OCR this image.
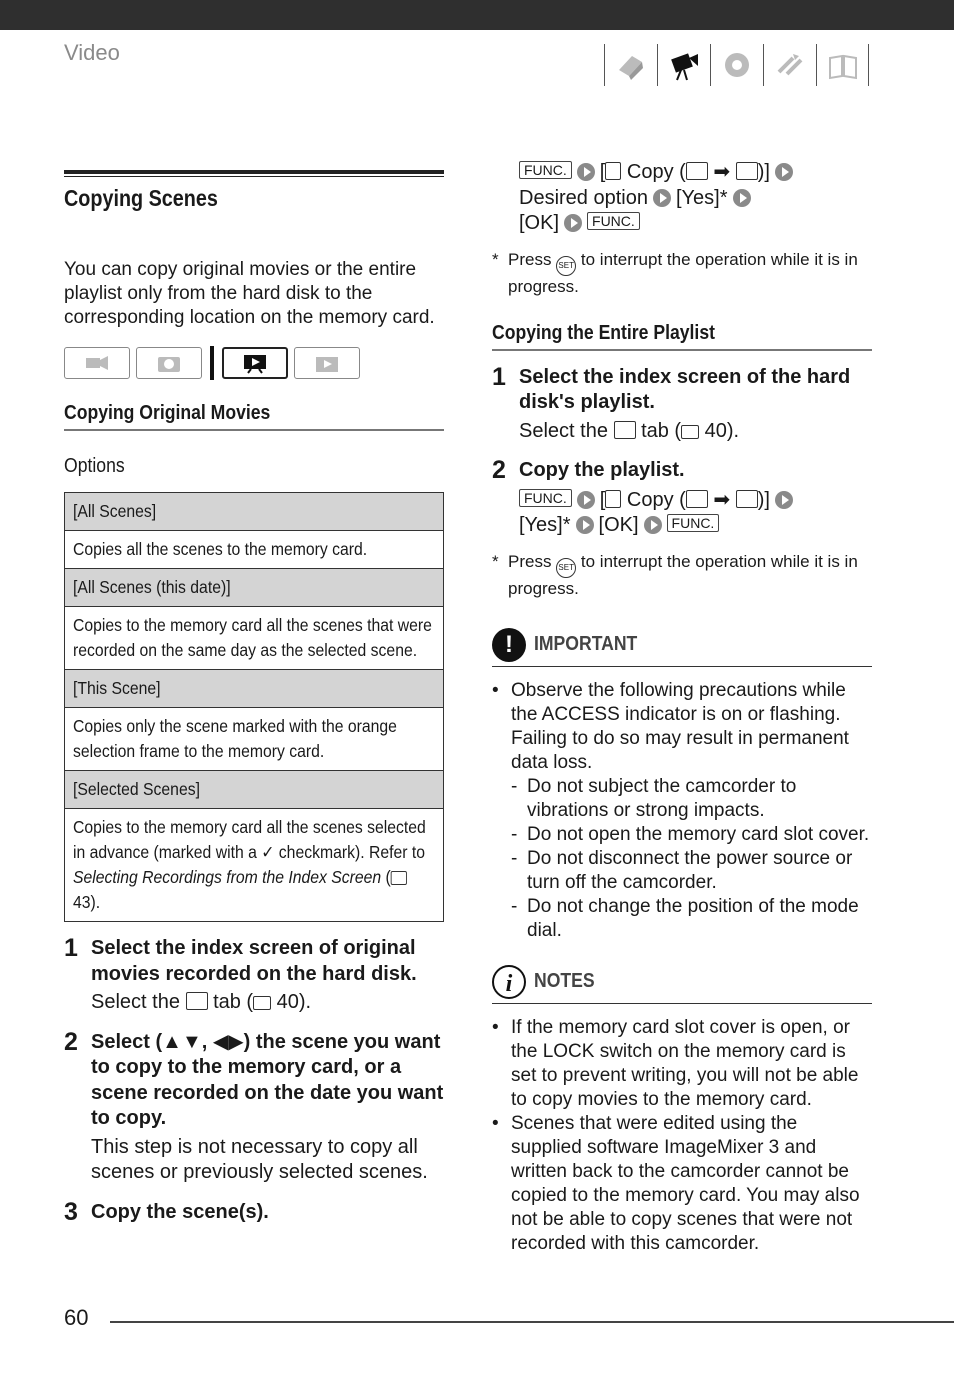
Video
Copying Scenes
You can copy original movies or the entire playlist only from the hard disk to the corresponding location on the memory card.
Copying Original Movies
Options
[All Scenes]
Copies all the scenes to the memory card.
[All Scenes (this date)]
Copies to the memory card all the scenes that were recorded on the same day as the selected scene.
[This Scene]
Copies only the scene marked with the orange selection frame to the memory card.
[Selected Scenes]
Copies to the memory card all the scenes selected in advance (marked with a ✓ checkmark). Refer to Selecting Recordings from the Index Screen ( 43).
1 Select the index screen of original movies recorded on the hard disk.
Select the  tab ( 40).
2 Select (▲▼, ◀▶) the scene you want to copy to the memory card, or a scene recorded on the date you want to copy.
This step is not necessary to copy all scenes or previously selected scenes.
3 Copy the scene(s).
FUNC. [ Copy ( ➡ )]
Desired option [Yes]*
[OK] FUNC.
* Press SET to interrupt the operation while it is in progress.
Copying the Entire Playlist
1 Select the index screen of the hard disk's playlist.
Select the  tab ( 40).
2 Copy the playlist.
FUNC. [ Copy ( ➡ )]
[Yes]* [OK] FUNC.
* Press SET to interrupt the operation while it is in progress.
!	IMPORTANT
• Observe the following precautions while the ACCESS indicator is on or flashing. Failing to do so may result in permanent data loss.
- Do not subject the camcorder to vibrations or strong impacts.
- Do not open the memory card slot cover.
- Do not disconnect the power source or turn off the camcorder.
- Do not change the position of the mode dial.
i	NOTES
• If the memory card slot cover is open, or the LOCK switch on the memory card is set to prevent writing, you will not be able to copy movies to the memory card.
• Scenes that were edited using the supplied software ImageMixer 3 and written back to the camcorder cannot be copied to the memory card. You may also not be able to copy scenes that were not recorded with this camcorder.
60
